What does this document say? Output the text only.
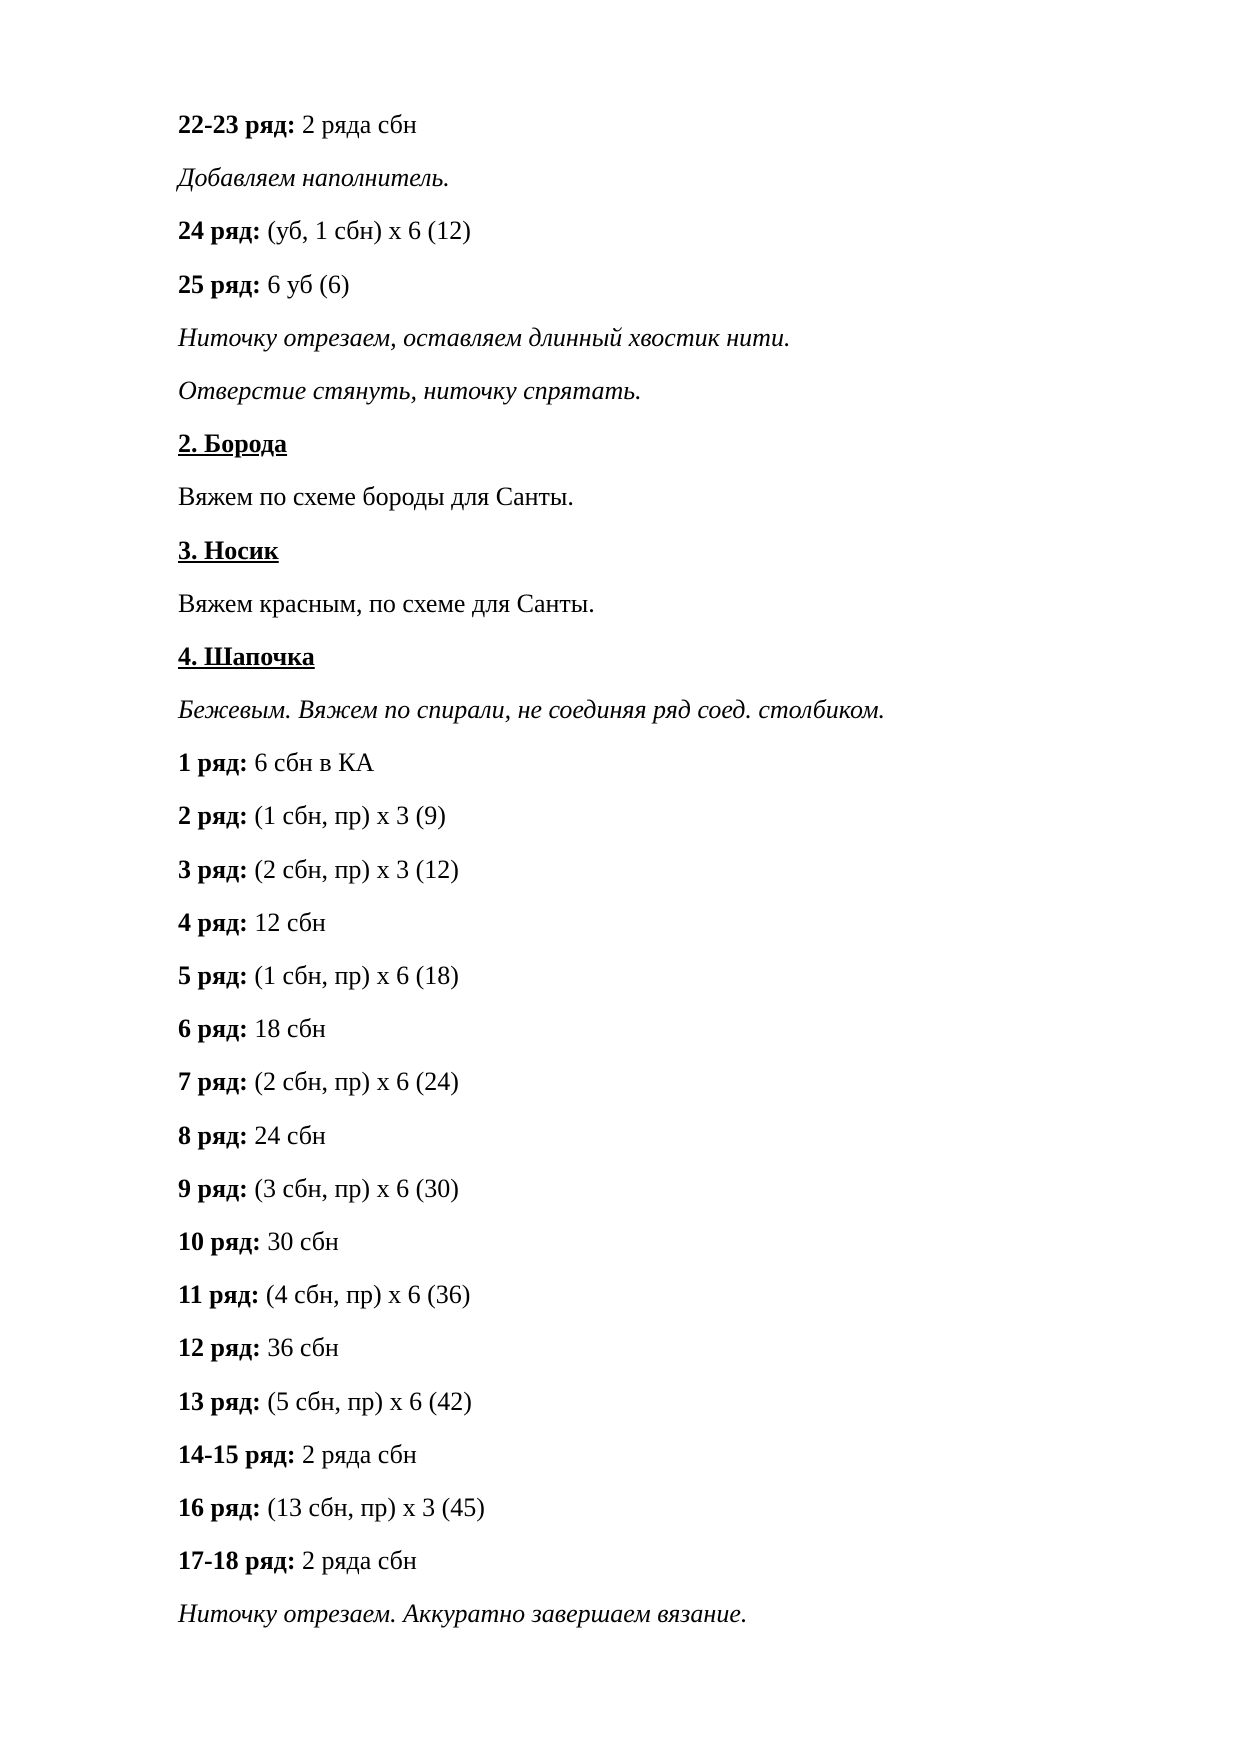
22-23 ряд: 2 ряда сбн
Добавляем наполнитель.
24 ряд: (уб, 1 сбн) х 6 (12)
25 ряд: 6 уб (6)
Ниточку отрезаем, оставляем длинный хвостик нити.
Отверстие стянуть, ниточку спрятать.
2. Борода
Вяжем по схеме бороды для Санты.
3. Носик
Вяжем красным, по схеме для Санты.
4. Шапочка
Бежевым. Вяжем по спирали, не соединяя ряд соед. столбиком.
1 ряд: 6 сбн в КА
2 ряд: (1 сбн, пр) х 3 (9)
3 ряд: (2 сбн, пр) х 3 (12)
4 ряд: 12 сбн
5 ряд: (1 сбн, пр) х 6 (18)
6 ряд: 18 сбн
7 ряд: (2 сбн, пр) х 6 (24)
8 ряд: 24 сбн
9 ряд: (3 сбн, пр) х 6 (30)
10 ряд: 30 сбн
11 ряд: (4 сбн, пр) х 6 (36)
12 ряд: 36 сбн
13 ряд: (5 сбн, пр) х 6 (42)
14-15 ряд: 2 ряда сбн
16 ряд: (13 сбн, пр) х 3 (45)
17-18 ряд: 2 ряда сбн
Ниточку отрезаем. Аккуратно завершаем вязание.
